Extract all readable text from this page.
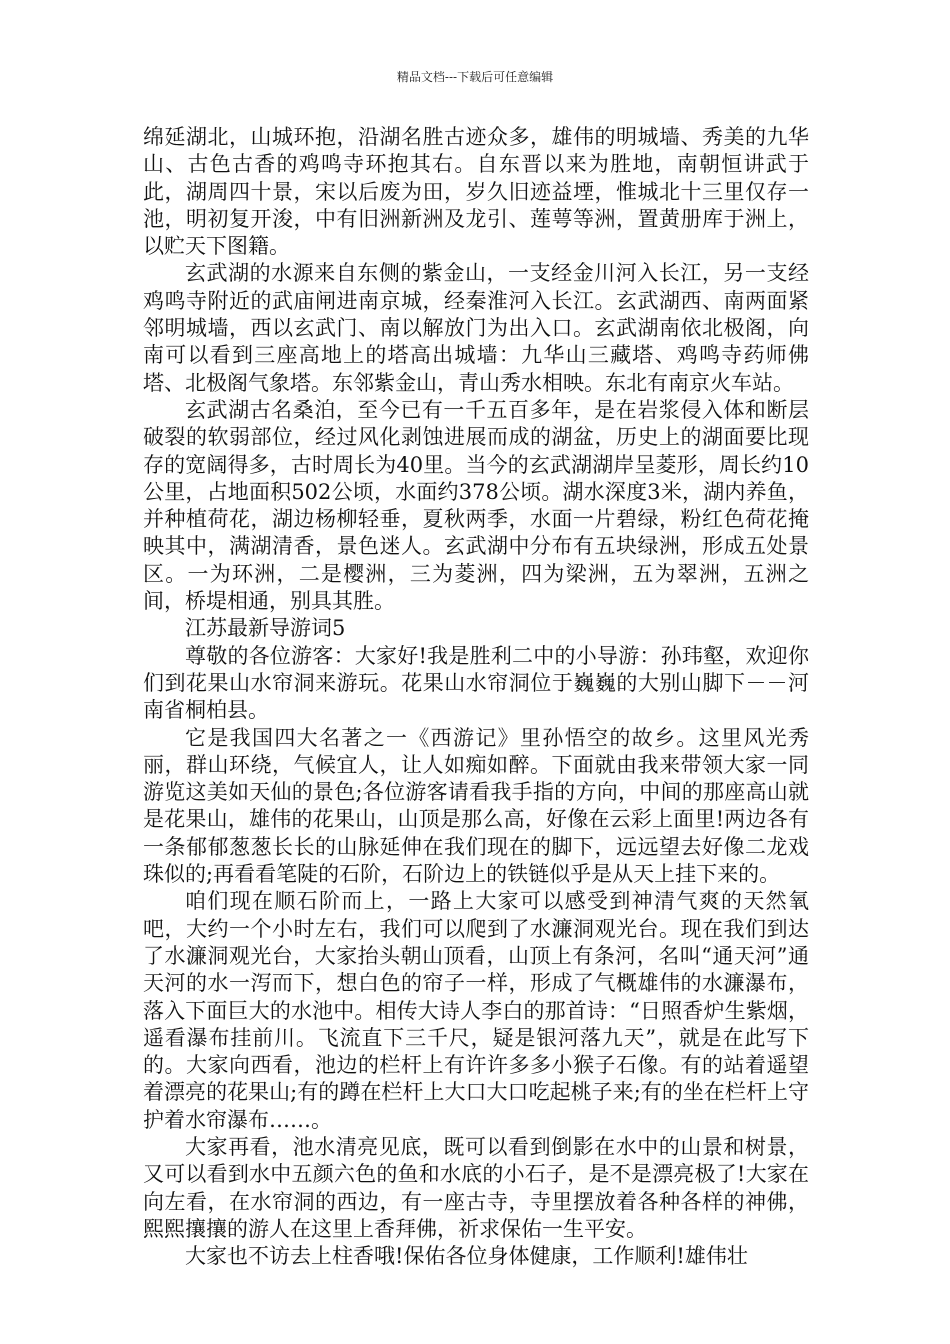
精品文档---下载后可任意编辑

绵延湖北，山城环抱，沿湖名胜古迹众多，雄伟的明城墙、秀美的九华山、古色古香的鸡鸣寺环抱其右。自东晋以来为胜地，南朝恒讲武于此，湖周四十景，宋以后废为田，岁久旧迹益堙，惟城北十三里仅存一池，明初复开浚，中有旧洲新洲及龙引、莲萼等洲，置黄册库于洲上，以贮天下图籍。

玄武湖的水源来自东侧的紫金山，一支经金川河入长江，另一支经鸡鸣寺附近的武庙闸进南京城，经秦淮河入长江。玄武湖西、南两面紧邻明城墙，西以玄武门、南以解放门为出入口。玄武湖南依北极阁，向南可以看到三座高地上的塔高出城墙：九华山三藏塔、鸡鸣寺药师佛塔、北极阁气象塔。东邻紫金山，青山秀水相映。东北有南京火车站。

玄武湖古名桑泊，至今已有一千五百多年，是在岩浆侵入体和断层破裂的软弱部位，经过风化剥蚀进展而成的湖盆，历史上的湖面要比现存的宽阔得多，古时周长为40里。当今的玄武湖湖岸呈菱形，周长约10公里，占地面积502公顷，水面约378公顷。湖水深度3米，湖内养鱼，并种植荷花，湖边杨柳轻垂，夏秋两季，水面一片碧绿，粉红色荷花掩映其中，满湖清香，景色迷人。玄武湖中分布有五块绿洲，形成五处景区。一为环洲，二是樱洲，三为菱洲，四为梁洲，五为翠洲，五洲之间，桥堤相通，别具其胜。

江苏最新导游词5

尊敬的各位游客：大家好!我是胜利二中的小导游：孙玮壑，欢迎你们到花果山水帘洞来游玩。花果山水帘洞位于巍巍的大别山脚下－－河南省桐柏县。

它是我国四大名著之一《西游记》里孙悟空的故乡。这里风光秀丽，群山环绕，气候宜人，让人如痴如醉。下面就由我来带领大家一同游览这美如天仙的景色;各位游客请看我手指的方向，中间的那座高山就是花果山，雄伟的花果山，山顶是那么高，好像在云彩上面里!两边各有一条郁郁葱葱长长的山脉延伸在我们现在的脚下，远远望去好像二龙戏珠似的;再看看笔陡的石阶，石阶边上的铁链似乎是从天上挂下来的。

咱们现在顺石阶而上，一路上大家可以感受到神清气爽的天然氧吧，大约一个小时左右，我们可以爬到了水濂洞观光台。现在我们到达了水濂洞观光台，大家抬头朝山顶看，山顶上有条河，名叫“通天河”通天河的水一泻而下，想白色的帘子一样，形成了气概雄伟的水濂瀑布，落入下面巨大的水池中。相传大诗人李白的那首诗：“日照香炉生紫烟，遥看瀑布挂前川。飞流直下三千尺，疑是银河落九天”，就是在此写下的。大家向西看，池边的栏杆上有许许多多小猴子石像。有的站着遥望着漂亮的花果山;有的蹲在栏杆上大口大口吃起桃子来;有的坐在栏杆上守护着水帘瀑布……。

大家再看，池水清亮见底，既可以看到倒影在水中的山景和树景，又可以看到水中五颜六色的鱼和水底的小石子，是不是漂亮极了!大家在向左看，在水帘洞的西边，有一座古寺，寺里摆放着各种各样的神佛，熙熙攘攘的游人在这里上香拜佛，祈求保佑一生平安。

大家也不访去上柱香哦!保佑各位身体健康，工作顺利!雄伟壮
